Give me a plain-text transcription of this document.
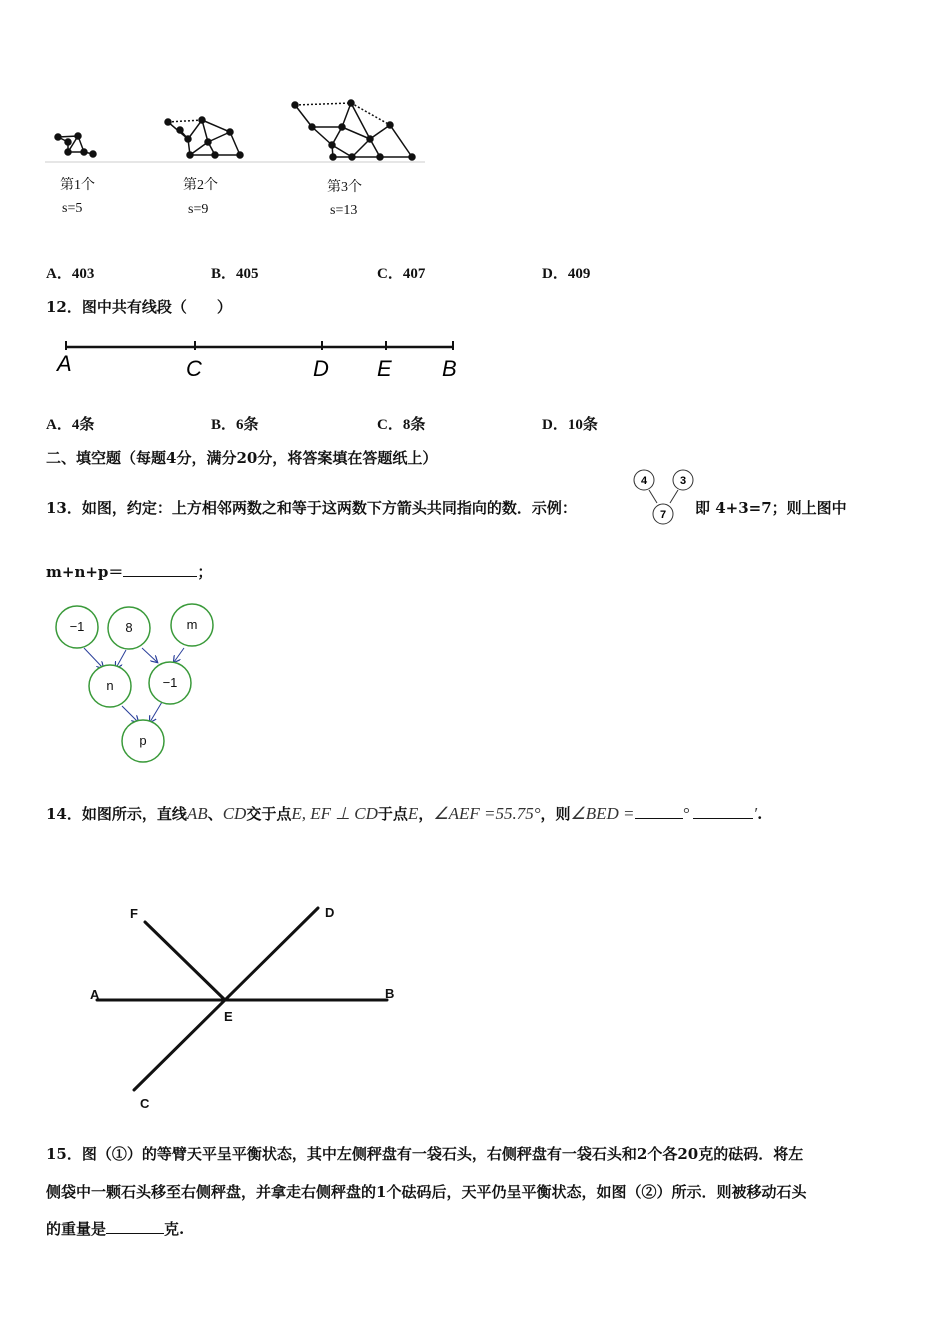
第1个	第2个	第3个
s=5	s=9	s=13
A．403	B．405	C．407	D．409
12．图中共有线段（　　）
A	C	D E B
A．4条	B．6条	C．8条	D．10条
二、填空题（每题4分，满分20分，将答案填在答题纸上）
13．如图，约定：上方相邻两数之和等于这两数下方箭头共同指向的数．示例：
4	3
7 即 4+3=7；则上图中
m+n+p＝	；
−1	8	m
n	−1
p
14．如图所示，直线AB、CD交于点E, EF ⊥ CD于点E，∠AEF =55.75°，则∠BED =	°	′.
F	D
A	B
E
C
15．图（①）的等臂天平呈平衡状态，其中左侧秤盘有一袋石头，右侧秤盘有一袋石头和2个各20克的砝码．将左
侧袋中一颗石头移至右侧秤盘，并拿走右侧秤盘的1个砝码后，天平仍呈平衡状态，如图（②）所示．则被移动石头
的重量是	克.
